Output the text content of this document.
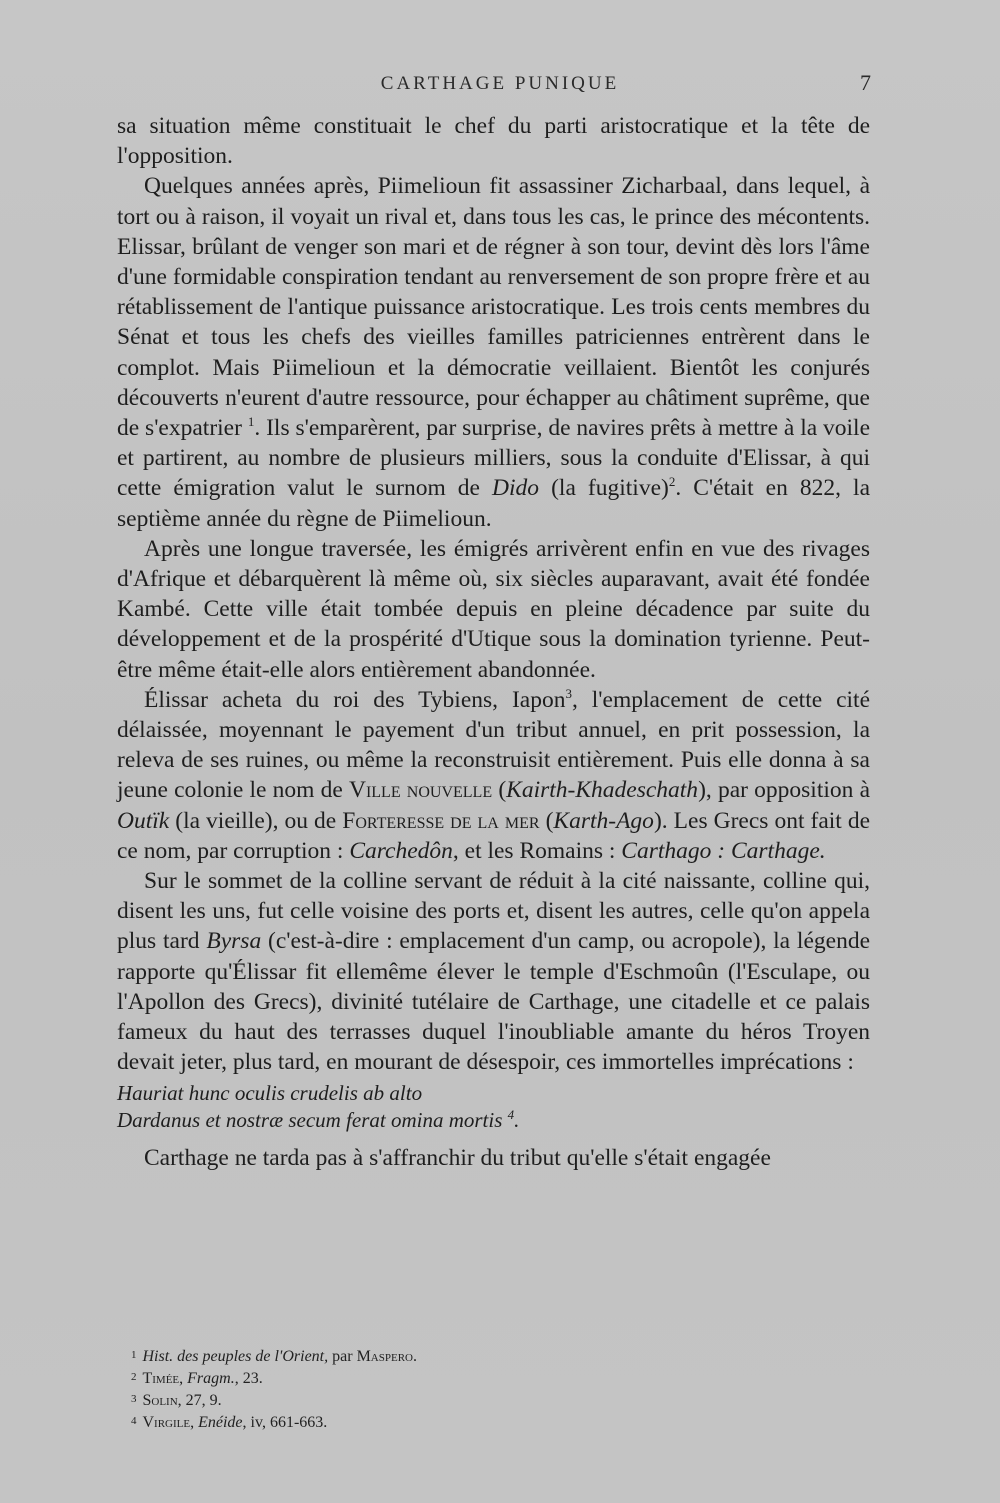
CARTHAGE PUNIQUE	7

sa situation même constituait le chef du parti aristocratique et la tête de l'opposition.

Quelques années après, Piimelioun fit assassiner Zicharbaal, dans lequel, à tort ou à raison, il voyait un rival et, dans tous les cas, le prince des mécontents. Elissar, brûlant de venger son mari et de régner à son tour, devint dès lors l'âme d'une formidable conspiration tendant au renversement de son propre frère et au rétablissement de l'antique puissance aristocratique. Les trois cents membres du Sénat et tous les chefs des vieilles familles patriciennes entrèrent dans le complot. Mais Piimelioun et la démocratie veillaient. Bientôt les conjurés découverts n'eurent d'autre ressource, pour échapper au châtiment suprême, que de s'expatrier $^1$. Ils s'emparèrent, par surprise, de navires prêts à mettre à la voile et partirent, au nombre de plusieurs milliers, sous la conduite d'Elissar, à qui cette émigration valut le surnom de Dido (la fugitive)$^2$. C'était en 822, la septième année du règne de Piimelioun.

Après une longue traversée, les émigrés arrivèrent enfin en vue des rivages d'Afrique et débarquèrent là même où, six siècles auparavant, avait été fondée Kambé. Cette ville était tombée depuis en pleine décadence par suite du développement et de la prospérité d'Utique sous la domination tyrienne. Peut-être même était-elle alors entièrement abandonnée.

Élissar acheta du roi des Tybiens, Iapon$^3$, l'emplacement de cette cité délaissée, moyennant le payement d'un tribut annuel, en prit possession, la releva de ses ruines, ou même la reconstruisit entièrement. Puis elle donna à sa jeune colonie le nom de Ville nouvelle (Kairth-Khadeschath), par opposition à Outïk (la vieille), ou de Forteresse de la mer (Karth-Ago). Les Grecs ont fait de ce nom, par corruption : Carchedôn, et les Romains : Carthago : Carthage.

Sur le sommet de la colline servant de réduit à la cité naissante, colline qui, disent les uns, fut celle voisine des ports et, disent les autres, celle qu'on appela plus tard Byrsa (c'est-à-dire : emplacement d'un camp, ou acropole), la légende rapporte qu'Élissar fit ellemême élever le temple d'Eschmoûn (l'Esculape, ou l'Apollon des Grecs), divinité tutélaire de Carthage, une citadelle et ce palais fameux du haut des terrasses duquel l'inoubliable amante du héros Troyen devait jeter, plus tard, en mourant de désespoir, ces immortelles imprécations :

Hauriat hunc oculis crudelis ab alto

Dardanus et nostræ secum ferat omina mortis $^4$.

Carthage ne tarda pas à s'affranchir du tribut qu'elle s'était engagée

1 Hist. des peuples de l'Orient, par Maspero.
2 Timée, Fragm., 23.
3 Solin, 27, 9.
4 Virgile, Enéide, iv, 661-663.
